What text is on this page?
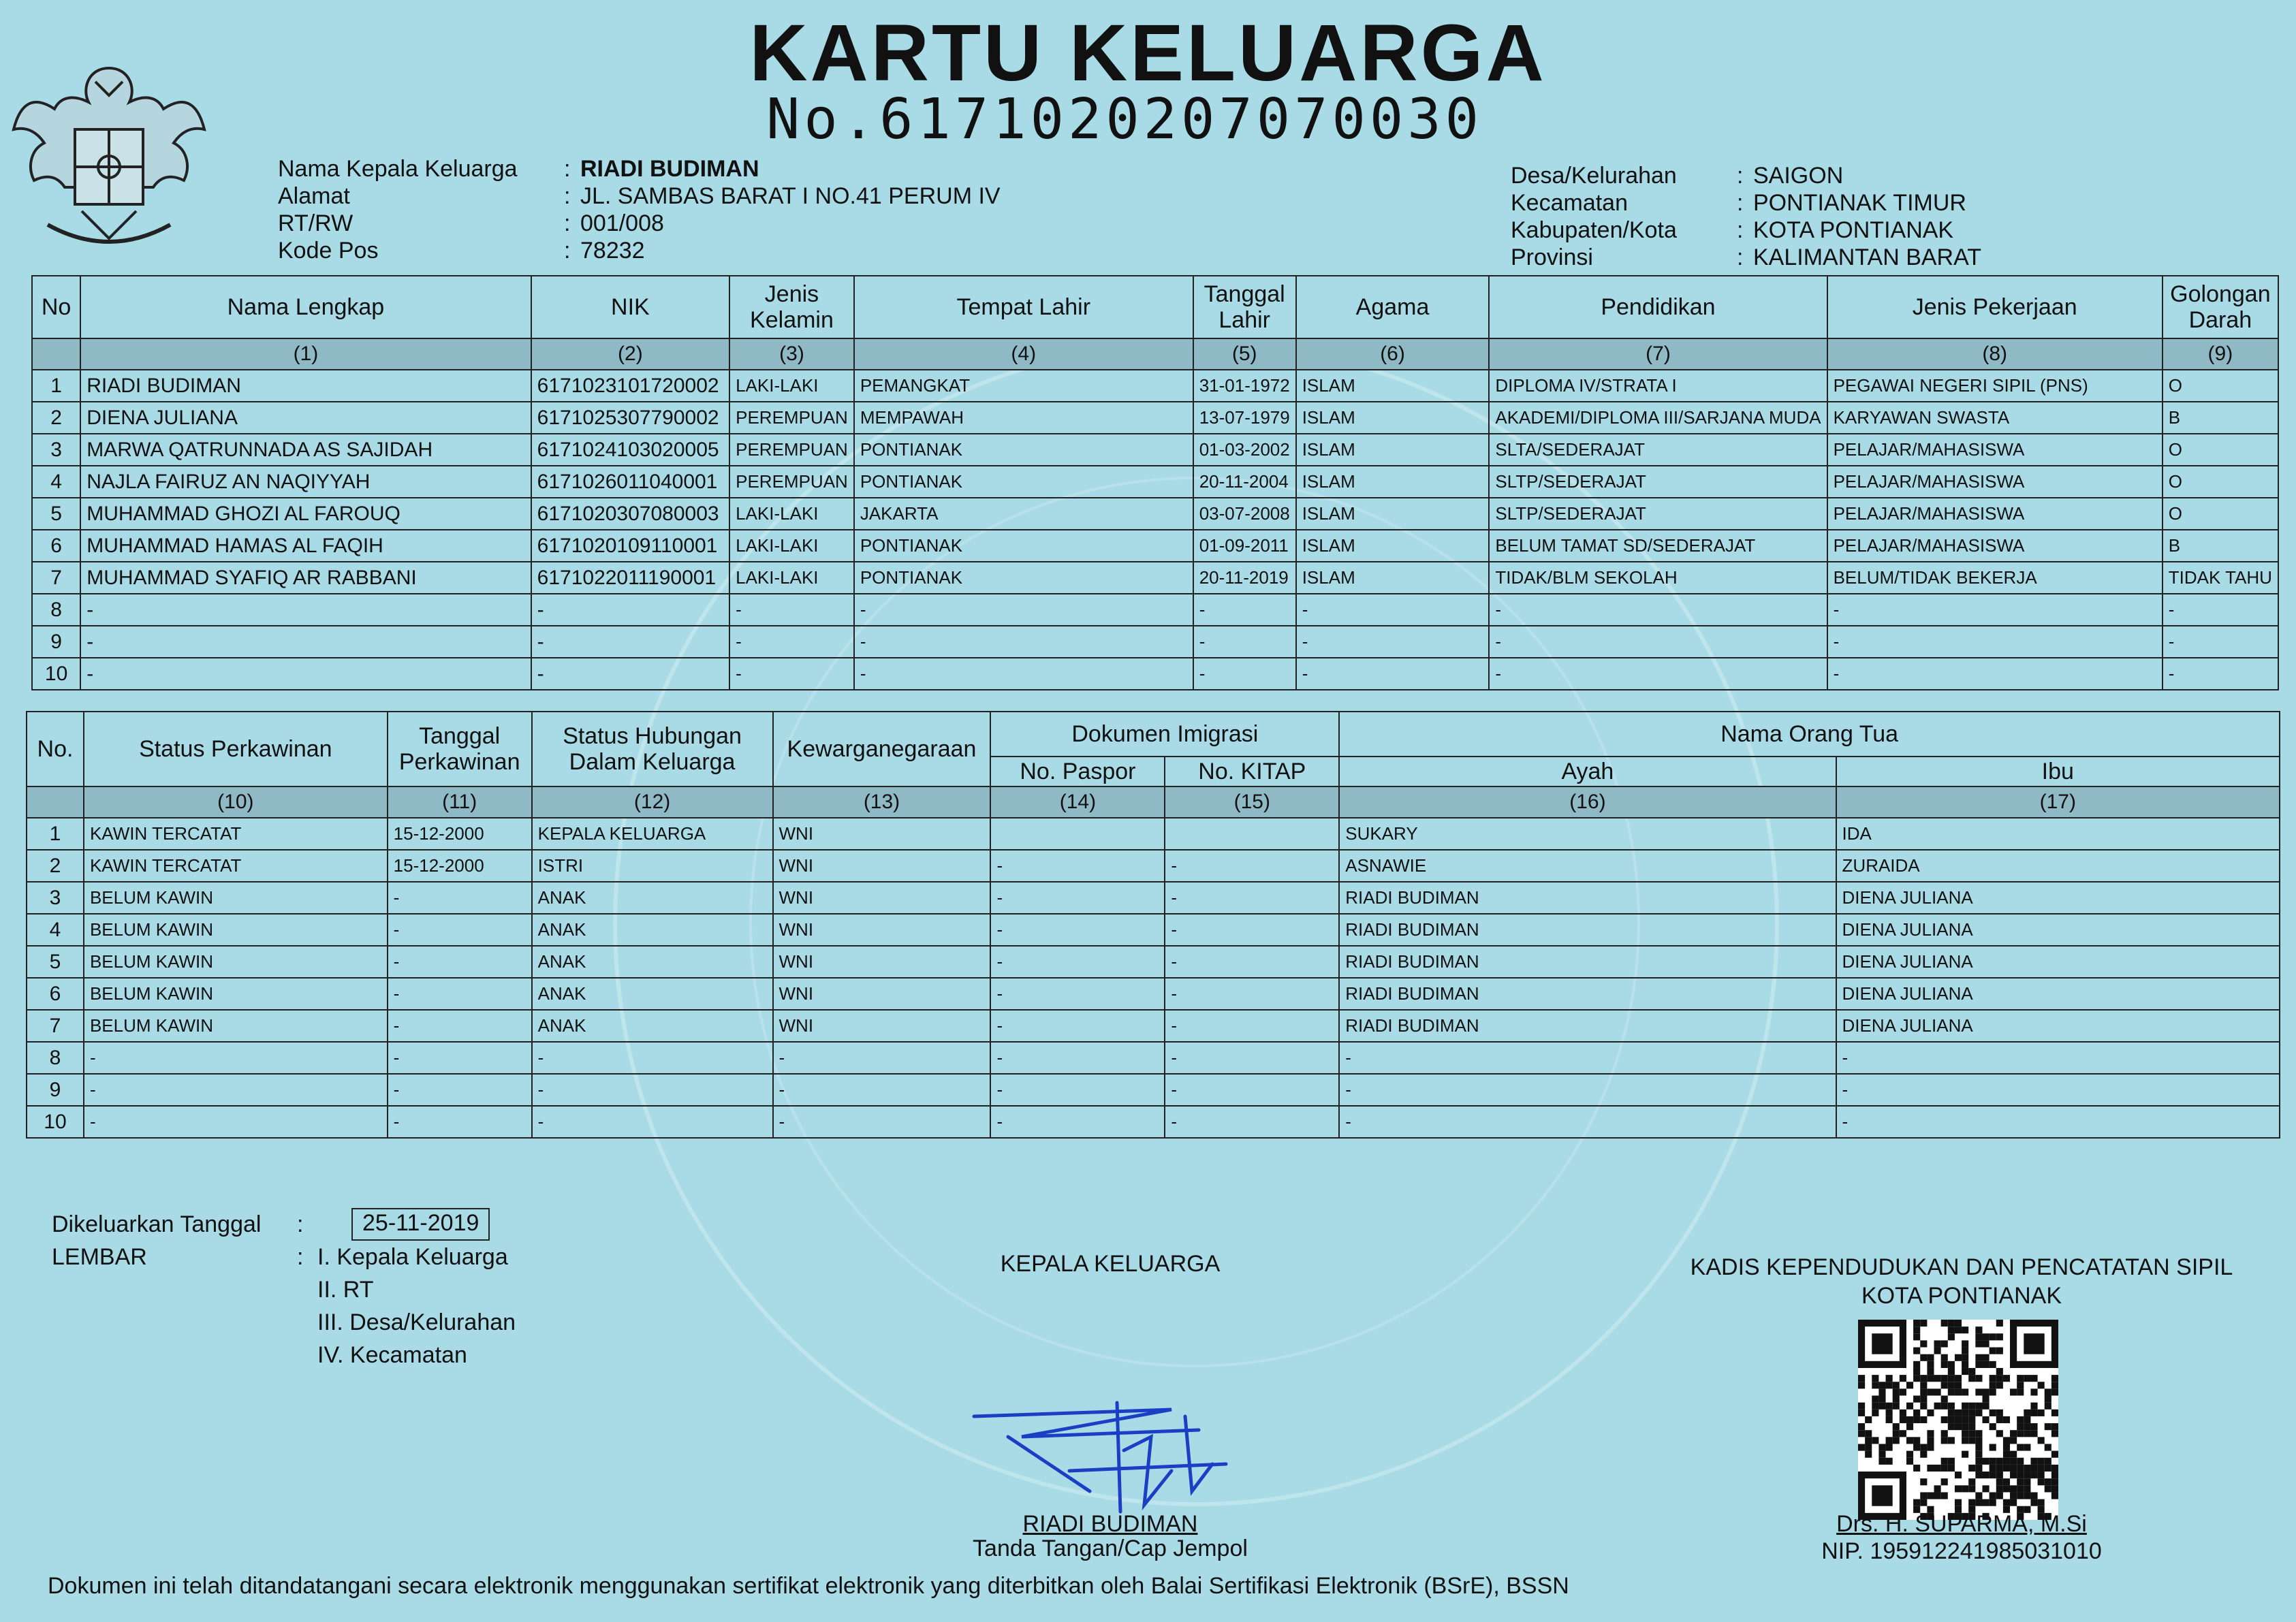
KARTU KELUARGA
No.6171020207070030
Nama Kepala Keluarga	: RIADI BUDIMAN
Alamat	: JL. SAMBAS BARAT I NO.41 PERUM IV
RT/RW	: 001/008
Kode Pos	: 78232
Desa/Kelurahan	: SAIGON
Kecamatan	: PONTIANAK TIMUR
Kabupaten/Kota	: KOTA PONTIANAK
Provinsi	: KALIMANTAN BARAT
No	Nama Lengkap	NIK	Jenis Kelamin	Tempat Lahir	Tanggal Lahir	Agama	Pendidikan	Jenis Pekerjaan	Golongan Darah
	(1)	(2)	(3)	(4)	(5)	(6)	(7)	(8)	(9)
1	RIADI BUDIMAN	6171023101720002	LAKI-LAKI	PEMANGKAT	31-01-1972	ISLAM	DIPLOMA IV/STRATA I	PEGAWAI NEGERI SIPIL (PNS)	O
2	DIENA JULIANA	6171025307790002	PEREMPUAN	MEMPAWAH	13-07-1979	ISLAM	AKADEMI/DIPLOMA III/SARJANA MUDA	KARYAWAN SWASTA	B
3	MARWA QATRUNNADA AS SAJIDAH	6171024103020005	PEREMPUAN	PONTIANAK	01-03-2002	ISLAM	SLTA/SEDERAJAT	PELAJAR/MAHASISWA	O
4	NAJLA FAIRUZ AN NAQIYYAH	6171026011040001	PEREMPUAN	PONTIANAK	20-11-2004	ISLAM	SLTP/SEDERAJAT	PELAJAR/MAHASISWA	O
5	MUHAMMAD GHOZI AL FAROUQ	6171020307080003	LAKI-LAKI	JAKARTA	03-07-2008	ISLAM	SLTP/SEDERAJAT	PELAJAR/MAHASISWA	O
6	MUHAMMAD HAMAS AL FAQIH	6171020109110001	LAKI-LAKI	PONTIANAK	01-09-2011	ISLAM	BELUM TAMAT SD/SEDERAJAT	PELAJAR/MAHASISWA	B
7	MUHAMMAD SYAFIQ AR RABBANI	6171022011190001	LAKI-LAKI	PONTIANAK	20-11-2019	ISLAM	TIDAK/BLM SEKOLAH	BELUM/TIDAK BEKERJA	TIDAK TAHU
8	-	-	-	-	-	-	-	-	-
9	-	-	-	-	-	-	-	-	-
10	-	-	-	-	-	-	-	-	-
No.	Status Perkawinan	Tanggal Perkawinan	Status Hubungan Dalam Keluarga	Kewarganegaraan	Dokumen Imigrasi		Nama Orang Tua	
					No. Paspor	No. KITAP	Ayah	Ibu
	(10)	(11)	(12)	(13)	(14)	(15)	(16)	(17)
1	KAWIN TERCATAT	15-12-2000	KEPALA KELUARGA	WNI			SUKARY	IDA
2	KAWIN TERCATAT	15-12-2000	ISTRI	WNI	-	-	ASNAWIE	ZURAIDA
3	BELUM KAWIN	-	ANAK	WNI	-	-	RIADI BUDIMAN	DIENA JULIANA
4	BELUM KAWIN	-	ANAK	WNI	-	-	RIADI BUDIMAN	DIENA JULIANA
5	BELUM KAWIN	-	ANAK	WNI	-	-	RIADI BUDIMAN	DIENA JULIANA
6	BELUM KAWIN	-	ANAK	WNI	-	-	RIADI BUDIMAN	DIENA JULIANA
7	BELUM KAWIN	-	ANAK	WNI	-	-	RIADI BUDIMAN	DIENA JULIANA
8	-	-	-	-	-	-	-	-
9	-	-	-	-	-	-	-	-
10	-	-	-	-	-	-	-	-
Dikeluarkan Tanggal	:	25-11-2019
LEMBAR	: I. Kepala Keluarga
II. RT
III. Desa/Kelurahan
IV. Kecamatan
KEPALA KELUARGA
RIADI BUDIMAN
Tanda Tangan/Cap Jempol
KADIS KEPENDUDUKAN DAN PENCATATAN SIPIL
KOTA PONTIANAK
Drs. H. SUPARMA, M.Si
NIP. 195912241985031010
Dokumen ini telah ditandatangani secara elektronik menggunakan sertifikat elektronik yang diterbitkan oleh Balai Sertifikasi Elektronik (BSrE), BSSN
